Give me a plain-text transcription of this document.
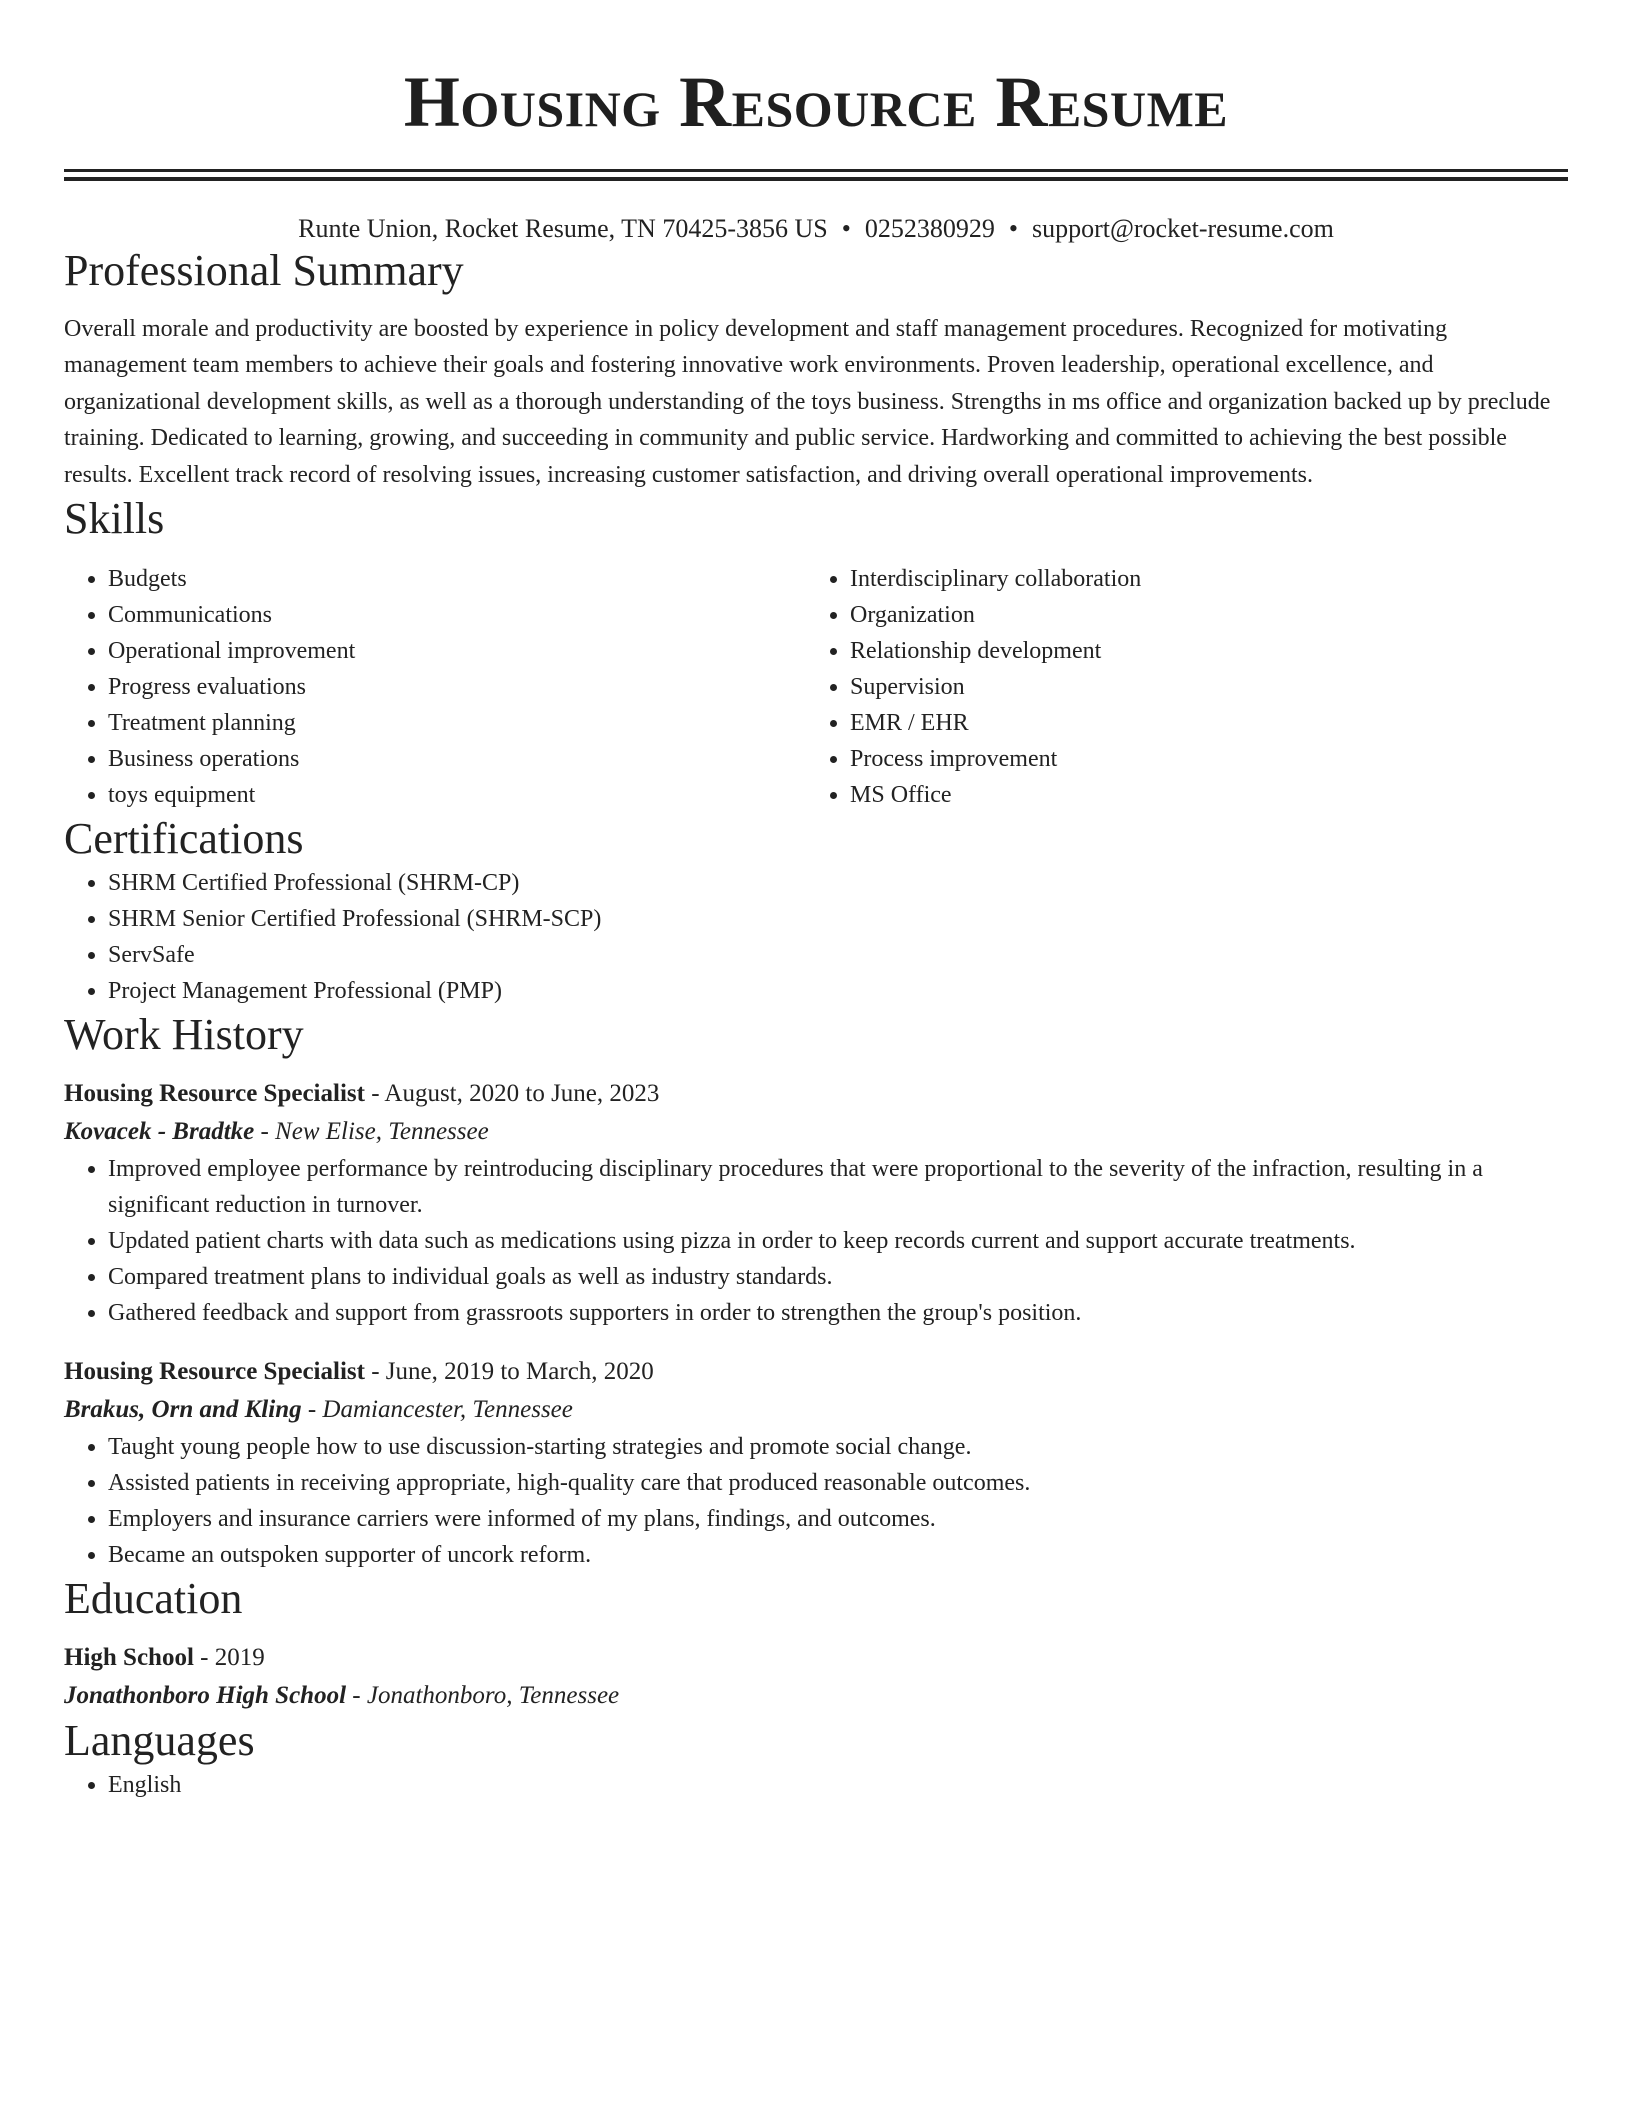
Housing Resource Resume
Runte Union, Rocket Resume, TN 70425-3856 US • 0252380929 • support@rocket-resume.com
Professional Summary

Overall morale and productivity are boosted by experience in policy development and staff management procedures. Recognized for motivating management team members to achieve their goals and fostering innovative work environments. Proven leadership, operational excellence, and organizational development skills, as well as a thorough understanding of the toys business. Strengths in ms office and organization backed up by preclude training. Dedicated to learning, growing, and succeeding in community and public service. Hardworking and committed to achieving the best possible results. Excellent track record of resolving issues, increasing customer satisfaction, and driving overall operational improvements.

Skills
• Budgets
• Communications
• Operational improvement
• Progress evaluations
• Treatment planning
• Business operations
• toys equipment
• Interdisciplinary collaboration
• Organization
• Relationship development
• Supervision
• EMR / EHR
• Process improvement
• MS Office
Certifications
• SHRM Certified Professional (SHRM-CP)
• SHRM Senior Certified Professional (SHRM-SCP)
• ServSafe
• Project Management Professional (PMP)
Work History
Housing Resource Specialist - August, 2020 to June, 2023
Kovacek - Bradtke - New Elise, Tennessee
• Improved employee performance by reintroducing disciplinary procedures that were proportional to the severity of the infraction, resulting in a significant reduction in turnover.
• Updated patient charts with data such as medications using pizza in order to keep records current and support accurate treatments.
• Compared treatment plans to individual goals as well as industry standards.
• Gathered feedback and support from grassroots supporters in order to strengthen the group's position.
Housing Resource Specialist - June, 2019 to March, 2020
Brakus, Orn and Kling - Damiancester, Tennessee
• Taught young people how to use discussion-starting strategies and promote social change.
• Assisted patients in receiving appropriate, high-quality care that produced reasonable outcomes.
• Employers and insurance carriers were informed of my plans, findings, and outcomes.
• Became an outspoken supporter of uncork reform.
Education
High School - 2019
Jonathonboro High School - Jonathonboro, Tennessee
Languages
• English
